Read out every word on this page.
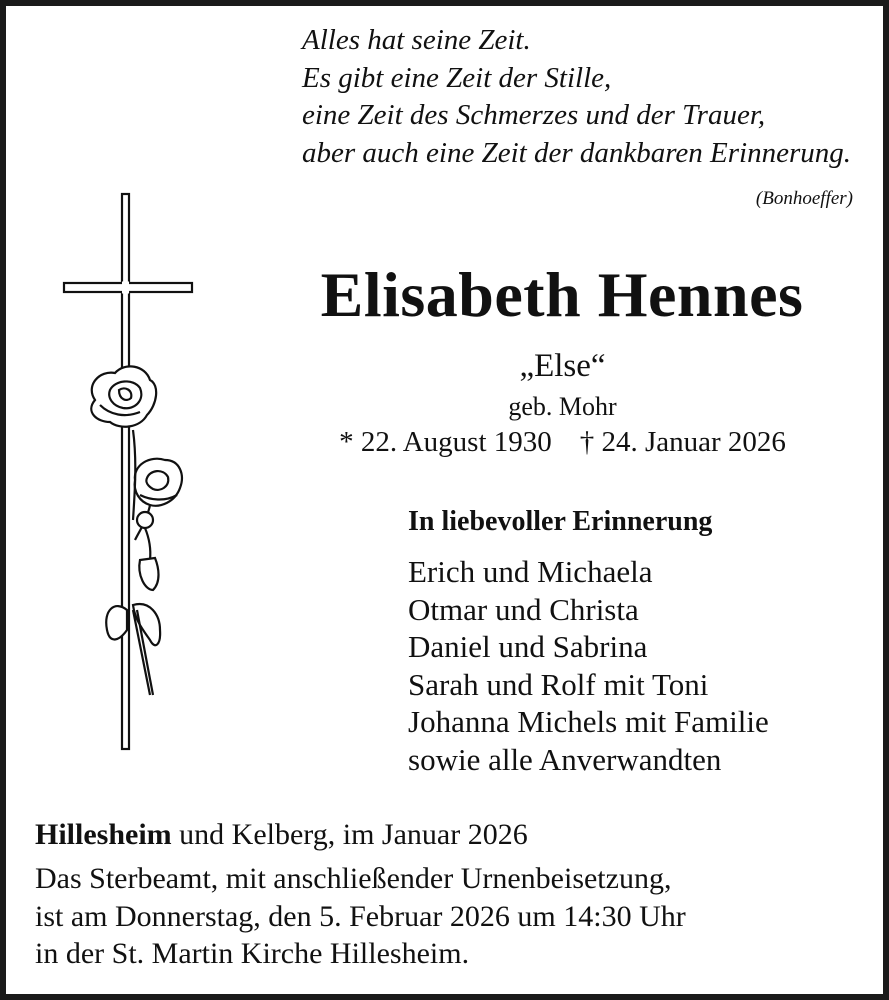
Alles hat seine Zeit.
Es gibt eine Zeit der Stille,
eine Zeit des Schmerzes und der Trauer,
aber auch eine Zeit der dankbaren Erinnerung.
(Bonhoeffer)
Elisabeth Hennes
„Else“
geb. Mohr
* 22. August 1930 † 24. Januar 2026
In liebevoller Erinnerung
Erich und Michaela
Otmar und Christa
Daniel und Sabrina
Sarah und Rolf mit Toni
Johanna Michels mit Familie
sowie alle Anverwandten
Hillesheim und Kelberg, im Januar 2026
Das Sterbeamt, mit anschließender Urnenbeisetzung,
ist am Donnerstag, den 5. Februar 2026 um 14:30 Uhr
in der St. Martin Kirche Hillesheim.
